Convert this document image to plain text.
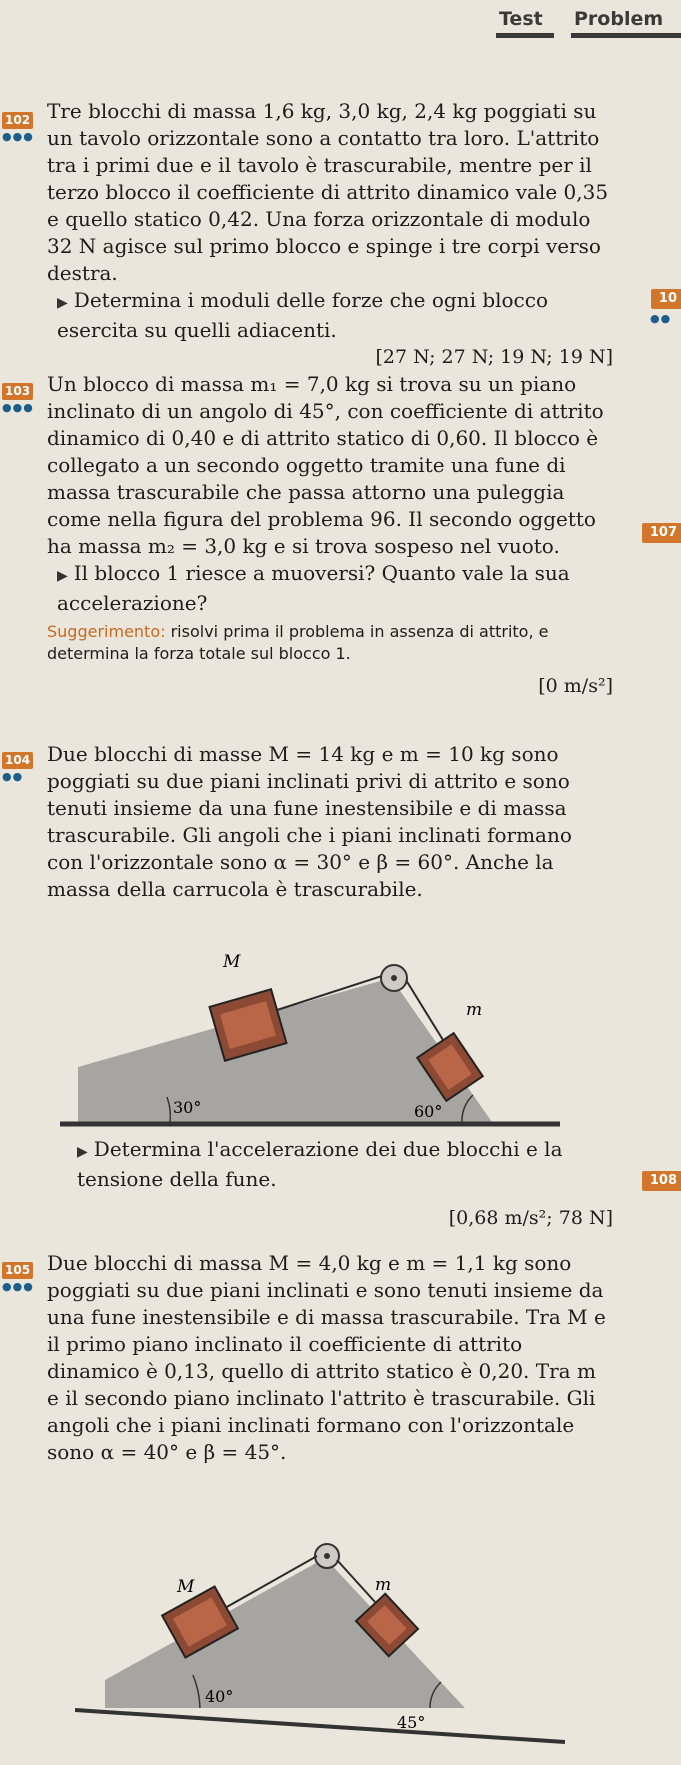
Test Problem
10
●●
107
108
102
●●●

Tre blocchi di massa 1,6 kg, 3,0 kg, 2,4 kg poggiati su un tavolo orizzontale sono a contatto tra loro. L'attrito tra i primi due e il tavolo è trascurabile, mentre per il terzo blocco il coefficiente di attrito dinamico vale 0,35 e quello statico 0,42. Una forza orizzontale di modulo 32 N agisce sul primo blocco e spinge i tre corpi verso destra.

▶ Determina i moduli delle forze che ogni blocco esercita su quelli adiacenti.

[27 N; 27 N; 19 N; 19 N]

103
●●●

Un blocco di massa m₁ = 7,0 kg si trova su un piano inclinato di un angolo di 45°, con coefficiente di attrito dinamico di 0,40 e di attrito statico di 0,60. Il blocco è collegato a un secondo oggetto tramite una fune di massa trascurabile che passa attorno una puleggia come nella figura del problema 96. Il secondo oggetto ha massa m₂ = 3,0 kg e si trova sospeso nel vuoto.

▶ Il blocco 1 riesce a muoversi? Quanto vale la sua accelerazione?

Suggerimento: risolvi prima il problema in assenza di attrito, e determina la forza totale sul blocco 1.

[0 m/s²]

104
●●

Due blocchi di masse M = 14 kg e m = 10 kg sono poggiati su due piani inclinati privi di attrito e sono tenuti insieme da una fune inestensibile e di massa trascurabile. Gli angoli che i piani inclinati formano con l'orizzontale sono α = 30° e β = 60°. Anche la massa della carrucola è trascurabile.

M
m
30°	60°

▶ Determina l'accelerazione dei due blocchi e la tensione della fune.

[0,68 m/s²; 78 N]

105
●●●

Due blocchi di massa M = 4,0 kg e m = 1,1 kg sono poggiati su due piani inclinati e sono tenuti insieme da una fune inestensibile e di massa trascurabile. Tra M e il primo piano inclinato il coefficiente di attrito dinamico è 0,13, quello di attrito statico è 0,20. Tra m e il secondo piano inclinato l'attrito è trascurabile. Gli angoli che i piani inclinati formano con l'orizzontale sono α = 40° e β = 45°.

M	m
40°
45°
